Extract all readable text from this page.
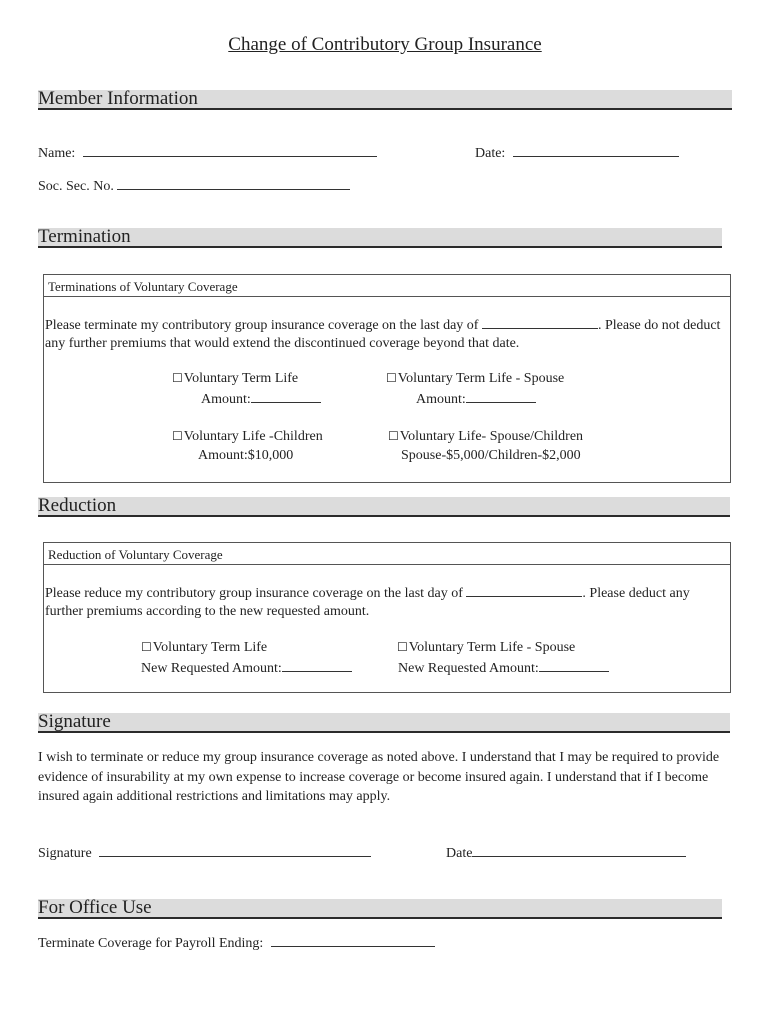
Change of Contributory Group Insurance
Member Information
Name:	Date:
Soc. Sec. No.
Termination
Terminations of Voluntary Coverage
Please terminate my contributory group insurance coverage on the last day of	. Please do not deduct any further premiums that would extend the discontinued coverage beyond that date.
☐Voluntary Term Life
Amount:
☐Voluntary Term Life - Spouse
Amount:
☐Voluntary Life -Children
Amount:$10,000
☐Voluntary Life- Spouse/Children
Spouse-$5,000/Children-$2,000
Reduction
Reduction of Voluntary Coverage
Please reduce my contributory group insurance coverage on the last day of	. Please deduct any further premiums according to the new requested amount.
☐Voluntary Term Life
New Requested Amount:
☐Voluntary Term Life - Spouse
New Requested Amount:
Signature
I wish to terminate or reduce my group insurance coverage as noted above. I understand that I may be required to provide evidence of insurability at my own expense to increase coverage or become insured again. I understand that if I become insured again additional restrictions and limitations may apply.
Signature	Date
For Office Use
Terminate Coverage for Payroll Ending:
